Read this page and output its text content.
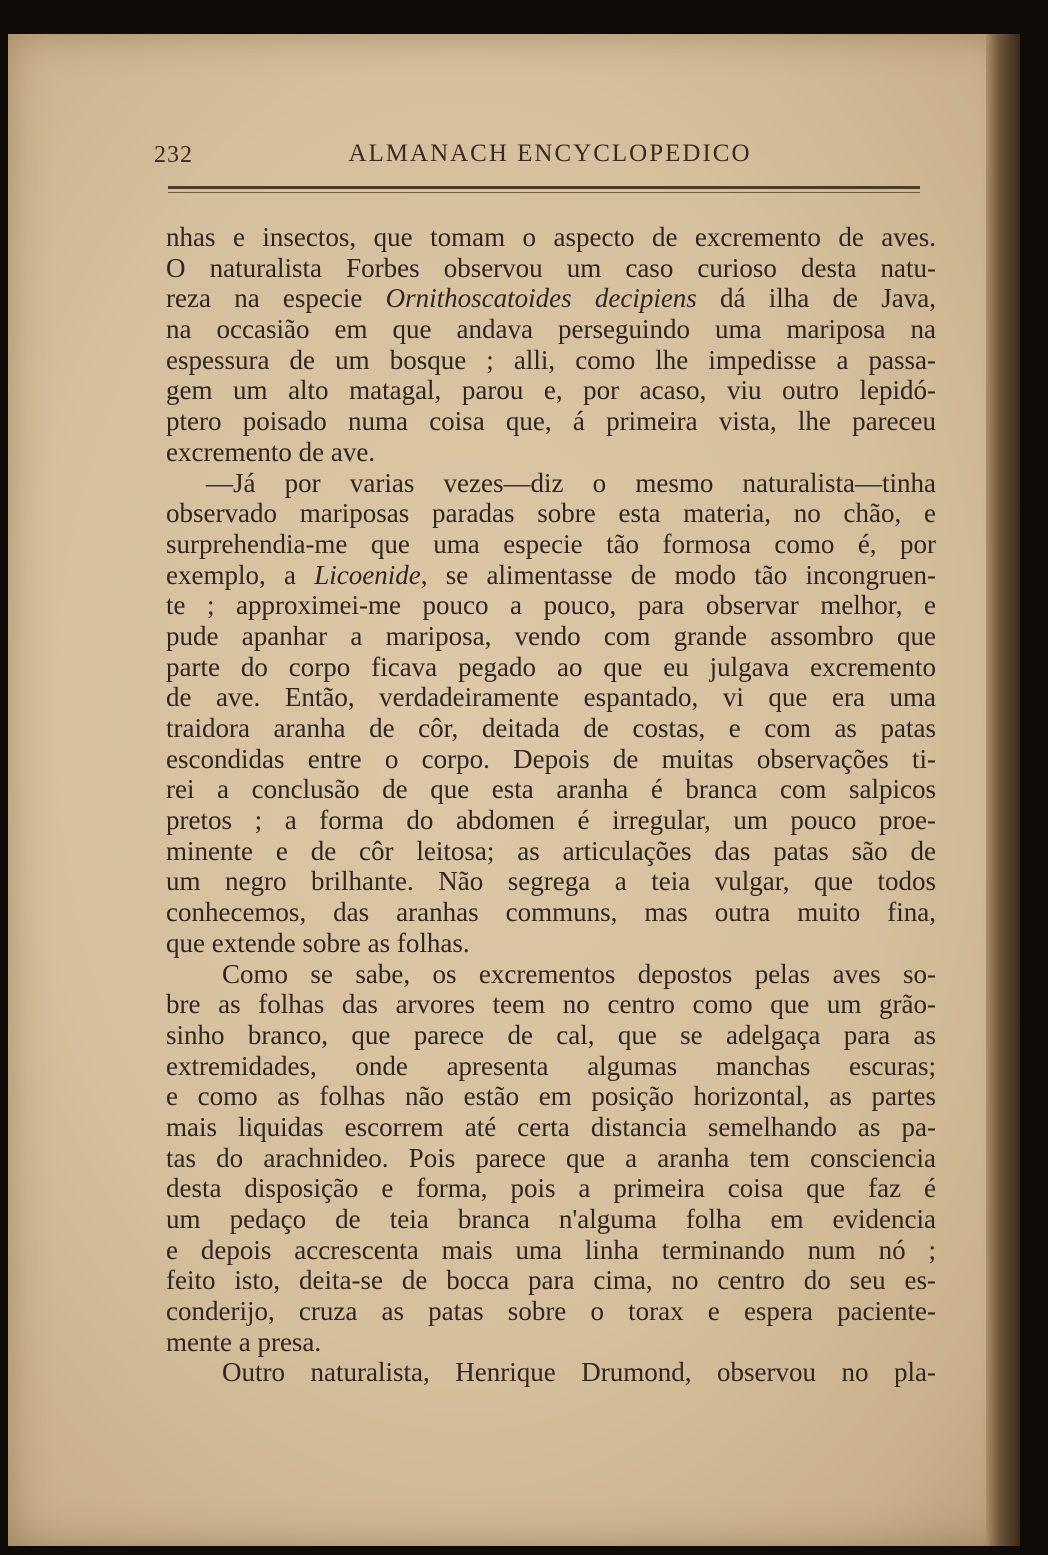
232	ALMANACH ENCYCLOPEDICO
nhas e insectos, que tomam o aspecto de excremento de aves.
O naturalista Forbes observou um caso curioso desta natu-
reza na especie Ornithoscatoides decipiens dá ilha de Java,
na occasião em que andava perseguindo uma mariposa na
espessura de um bosque ; alli, como lhe impedisse a passa-
gem um alto matagal, parou e, por acaso, viu outro lepidó-
ptero poisado numa coisa que, á primeira vista, lhe pareceu
excremento de ave.
—Já por varias vezes—diz o mesmo naturalista—tinha
observado mariposas paradas sobre esta materia, no chão, e
surprehendia-me que uma especie tão formosa como é, por
exemplo, a Licoenide, se alimentasse de modo tão incongruen-
te ; approximei-me pouco a pouco, para observar melhor, e
pude apanhar a mariposa, vendo com grande assombro que
parte do corpo ficava pegado ao que eu julgava excremento
de ave. Então, verdadeiramente espantado, vi que era uma
traidora aranha de côr, deitada de costas, e com as patas
escondidas entre o corpo. Depois de muitas observações ti-
rei a conclusão de que esta aranha é branca com salpicos
pretos ; a forma do abdomen é irregular, um pouco proe-
minente e de côr leitosa; as articulações das patas são de
um negro brilhante. Não segrega a teia vulgar, que todos
conhecemos, das aranhas communs, mas outra muito fina,
que extende sobre as folhas.
Como se sabe, os excrementos depostos pelas aves so-
bre as folhas das arvores teem no centro como que um grão-
sinho branco, que parece de cal, que se adelgaça para as
extremidades, onde apresenta algumas manchas escuras;
e como as folhas não estão em posição horizontal, as partes
mais liquidas escorrem até certa distancia semelhando as pa-
tas do arachnideo. Pois parece que a aranha tem consciencia
desta disposição e forma, pois a primeira coisa que faz é
um pedaço de teia branca n'alguma folha em evidencia
e depois accrescenta mais uma linha terminando num nó ;
feito isto, deita-se de bocca para cima, no centro do seu es-
conderijo, cruza as patas sobre o torax e espera paciente-
mente a presa.
Outro naturalista, Henrique Drumond, observou no pla-
